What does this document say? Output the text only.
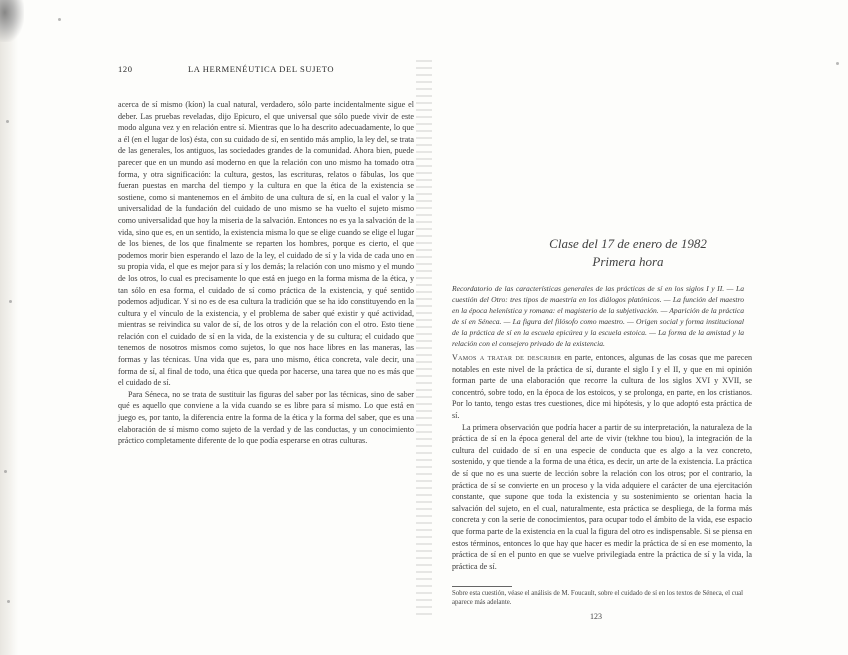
120	LA HERMENÉUTICA DEL SUJETO

acerca de sí mismo (kíon) la cual natural, verdadero, sólo parte incidentalmente sigue el deber. Las pruebas reveladas, dijo Epicuro, el que universal que sólo puede vivir de este modo alguna vez y en relación entre sí. Mientras que lo ha descrito adecuadamente, lo que a él (en el lugar de los) ésta, con su cuidado de sí, en sentido más amplio, la ley del, se trata de las generales, los antiguos, las sociedades grandes de la comunidad. Ahora bien, puede parecer que en un mundo así moderno en que la relación con uno mismo ha tomado otra forma, y otra significación: la cultura, gestos, las escrituras, relatos o fábulas, los que fueran puestas en marcha del tiempo y la cultura en que la ética de la existencia se sostiene, como si mantenemos en el ámbito de una cultura de sí, en la cual el valor y la universalidad de la fundación del cuidado de uno mismo se ha vuelto el sujeto mismo como universalidad que hoy la miseria de la salvación. Entonces no es ya la salvación de la vida, sino que es, en un sentido, la existencia misma lo que se elige cuando se elige el lugar de los bienes, de los que finalmente se reparten los hombres, porque es cierto, el que podemos morir bien esperando el lazo de la ley, el cuidado de sí y la vida de cada uno en su propia vida, el que es mejor para sí y los demás; la relación con uno mismo y el mundo de los otros, lo cual es precisamente lo que está en juego en la forma misma de la ética, y tan sólo en esa forma, el cuidado de sí como práctica de la existencia, y qué sentido podemos adjudicar. Y si no es de esa cultura la tradición que se ha ido constituyendo en la cultura y el vínculo de la existencia, y el problema de saber qué existir y qué actividad, mientras se reivindica su valor de sí, de los otros y de la relación con el otro. Esto tiene relación con el cuidado de sí en la vida, de la existencia y de su cultura; el cuidado que tenemos de nosotros mismos como sujetos, lo que nos hace libres en las maneras, las formas y las técnicas. Una vida que es, para uno mismo, ética concreta, vale decir, una forma de sí, al final de todo, una ética que queda por hacerse, una tarea que no es más que el cuidado de sí.

Para Séneca, no se trata de sustituir las figuras del saber por las técnicas, sino de saber qué es aquello que conviene a la vida cuando se es libre para sí mismo. Lo que está en juego es, por tanto, la diferencia entre la forma de la ética y la forma del saber, que es una elaboración de sí mismo como sujeto de la verdad y de las conductas, y un conocimiento práctico completamente diferente de lo que podía esperarse en otras culturas.

Clase del 17 de enero de 1982
Primera hora
Recordatorio de las características generales de las prácticas de sí en los siglos I y II. — La cuestión del Otro: tres tipos de maestría en los diálogos platónicos. — La función del maestro en la época helenística y romana: el magisterio de la subjetivación. — Aparición de la práctica de sí en Séneca. — La figura del filósofo como maestro. — Origen social y forma institucional de la práctica de sí en la escuela epicúrea y la escuela estoica. — La forma de la amistad y la relación con el consejero privado de la existencia.

Vamos a tratar de describir en parte, entonces, algunas de las cosas que me parecen notables en este nivel de la práctica de sí, durante el siglo I y el II, y que en mi opinión forman parte de una elaboración que recorre la cultura de los siglos XVI y XVII, se concentró, sobre todo, en la época de los estoicos, y se prolonga, en parte, en los cristianos. Por lo tanto, tengo estas tres cuestiones, dice mi hipótesis, y lo que adoptó esta práctica de sí.

La primera observación que podría hacer a partir de su interpretación, la naturaleza de la práctica de sí en la época general del arte de vivir (tekhne tou biou), la integración de la cultura del cuidado de sí en una especie de conducta que es algo a la vez concreto, sostenido, y que tiende a la forma de una ética, es decir, un arte de la existencia. La práctica de sí que no es una suerte de lección sobre la relación con los otros; por el contrario, la práctica de sí se convierte en un proceso y la vida adquiere el carácter de una ejercitación constante, que supone que toda la existencia y su sostenimiento se orientan hacia la salvación del sujeto, en el cual, naturalmente, esta práctica se despliega, de la forma más concreta y con la serie de conocimientos, para ocupar todo el ámbito de la vida, ese espacio que forma parte de la existencia en la cual la figura del otro es indispensable. Si se piensa en estos términos, entonces lo que hay que hacer es medir la práctica de sí en ese momento, la práctica de sí en el punto en que se vuelve privilegiada entre la práctica de sí y la vida, la práctica de sí.

Sobre esta cuestión, véase el análisis de M. Foucault, sobre el cuidado de sí en los textos de Séneca, el cual aparece más adelante.
123
